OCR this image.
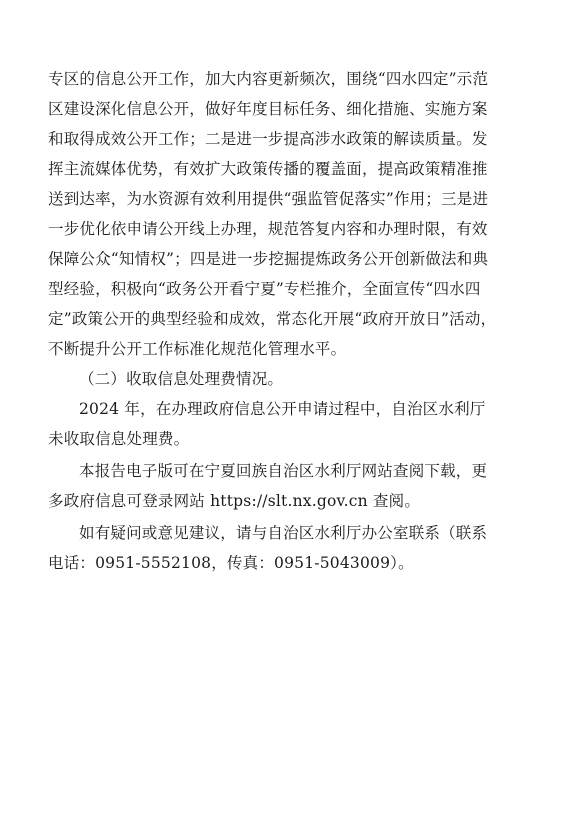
专区的信息公开工作，加大内容更新频次，围绕“四水四定”示范
区建设深化信息公开，做好年度目标任务、细化措施、实施方案
和取得成效公开工作；二是进一步提高涉水政策的解读质量。发
挥主流媒体优势，有效扩大政策传播的覆盖面，提高政策精准推
送到达率，为水资源有效利用提供“强监管促落实”作用；三是进
一步优化依申请公开线上办理，规范答复内容和办理时限，有效
保障公众“知情权”；四是进一步挖掘提炼政务公开创新做法和典
型经验，积极向“政务公开看宁夏”专栏推介，全面宣传“四水四
定”政策公开的典型经验和成效，常态化开展“政府开放日”活动，
不断提升公开工作标准化规范化管理水平。
（二）收取信息处理费情况。
2024 年，在办理政府信息公开申请过程中，自治区水利厅
未收取信息处理费。
本报告电子版可在宁夏回族自治区水利厅网站查阅下载，更
多政府信息可登录网站 https://slt.nx.gov.cn 查阅。
如有疑问或意见建议，请与自治区水利厅办公室联系（联系
电话：0951-5552108，传真：0951-5043009）。
